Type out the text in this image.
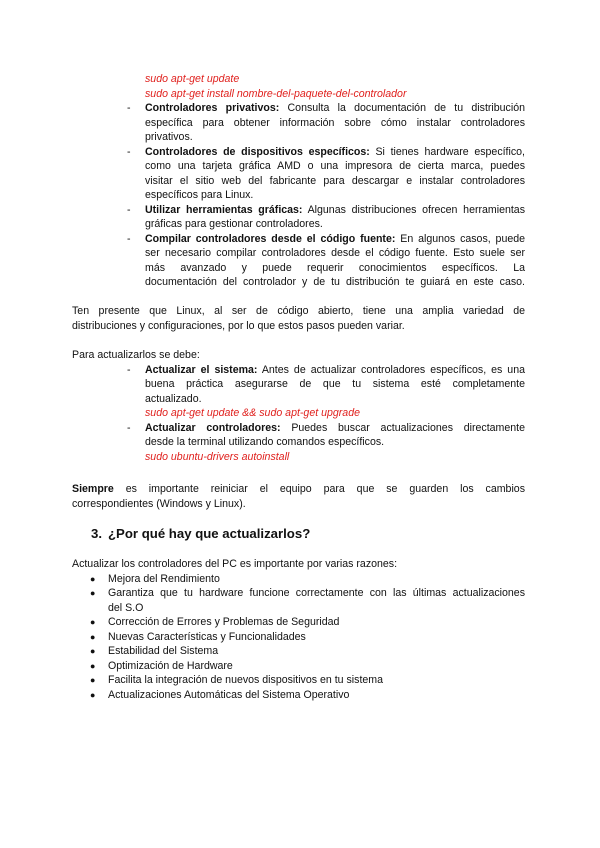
sudo apt-get update
sudo apt-get install nombre-del-paquete-del-controlador
- Controladores privativos: Consulta la documentación de tu distribución
específica para obtener información sobre cómo instalar controladores
privativos.
- Controladores de dispositivos específicos: Si tienes hardware específico,
como una tarjeta gráfica AMD o una impresora de cierta marca, puedes
visitar el sitio web del fabricante para descargar e instalar controladores
específicos para Linux.
- Utilizar herramientas gráficas: Algunas distribuciones ofrecen herramientas
gráficas para gestionar controladores.
- Compilar controladores desde el código fuente: En algunos casos, puede
ser necesario compilar controladores desde el código fuente. Esto suele ser
más avanzado y puede requerir conocimientos específicos. La
documentación del controlador y de tu distribución te guiará en este caso.
Ten presente que Linux, al ser de código abierto, tiene una amplia variedad de
distribuciones y configuraciones, por lo que estos pasos pueden variar.
Para actualizarlos se debe:
- Actualizar el sistema: Antes de actualizar controladores específicos, es una
buena práctica asegurarse de que tu sistema esté completamente
actualizado.
sudo apt-get update && sudo apt-get upgrade
- Actualizar controladores: Puedes buscar actualizaciones directamente
desde la terminal utilizando comandos específicos.
sudo ubuntu-drivers autoinstall
Siempre es importante reiniciar el equipo para que se guarden los cambios
correspondientes (Windows y Linux).
3. ¿Por qué hay que actualizarlos?
Actualizar los controladores del PC es importante por varias razones:
● Mejora del Rendimiento
● Garantiza que tu hardware funcione correctamente con las últimas actualizaciones
del S.O
● Corrección de Errores y Problemas de Seguridad
● Nuevas Características y Funcionalidades
● Estabilidad del Sistema
● Optimización de Hardware
● Facilita la integración de nuevos dispositivos en tu sistema
● Actualizaciones Automáticas del Sistema Operativo
